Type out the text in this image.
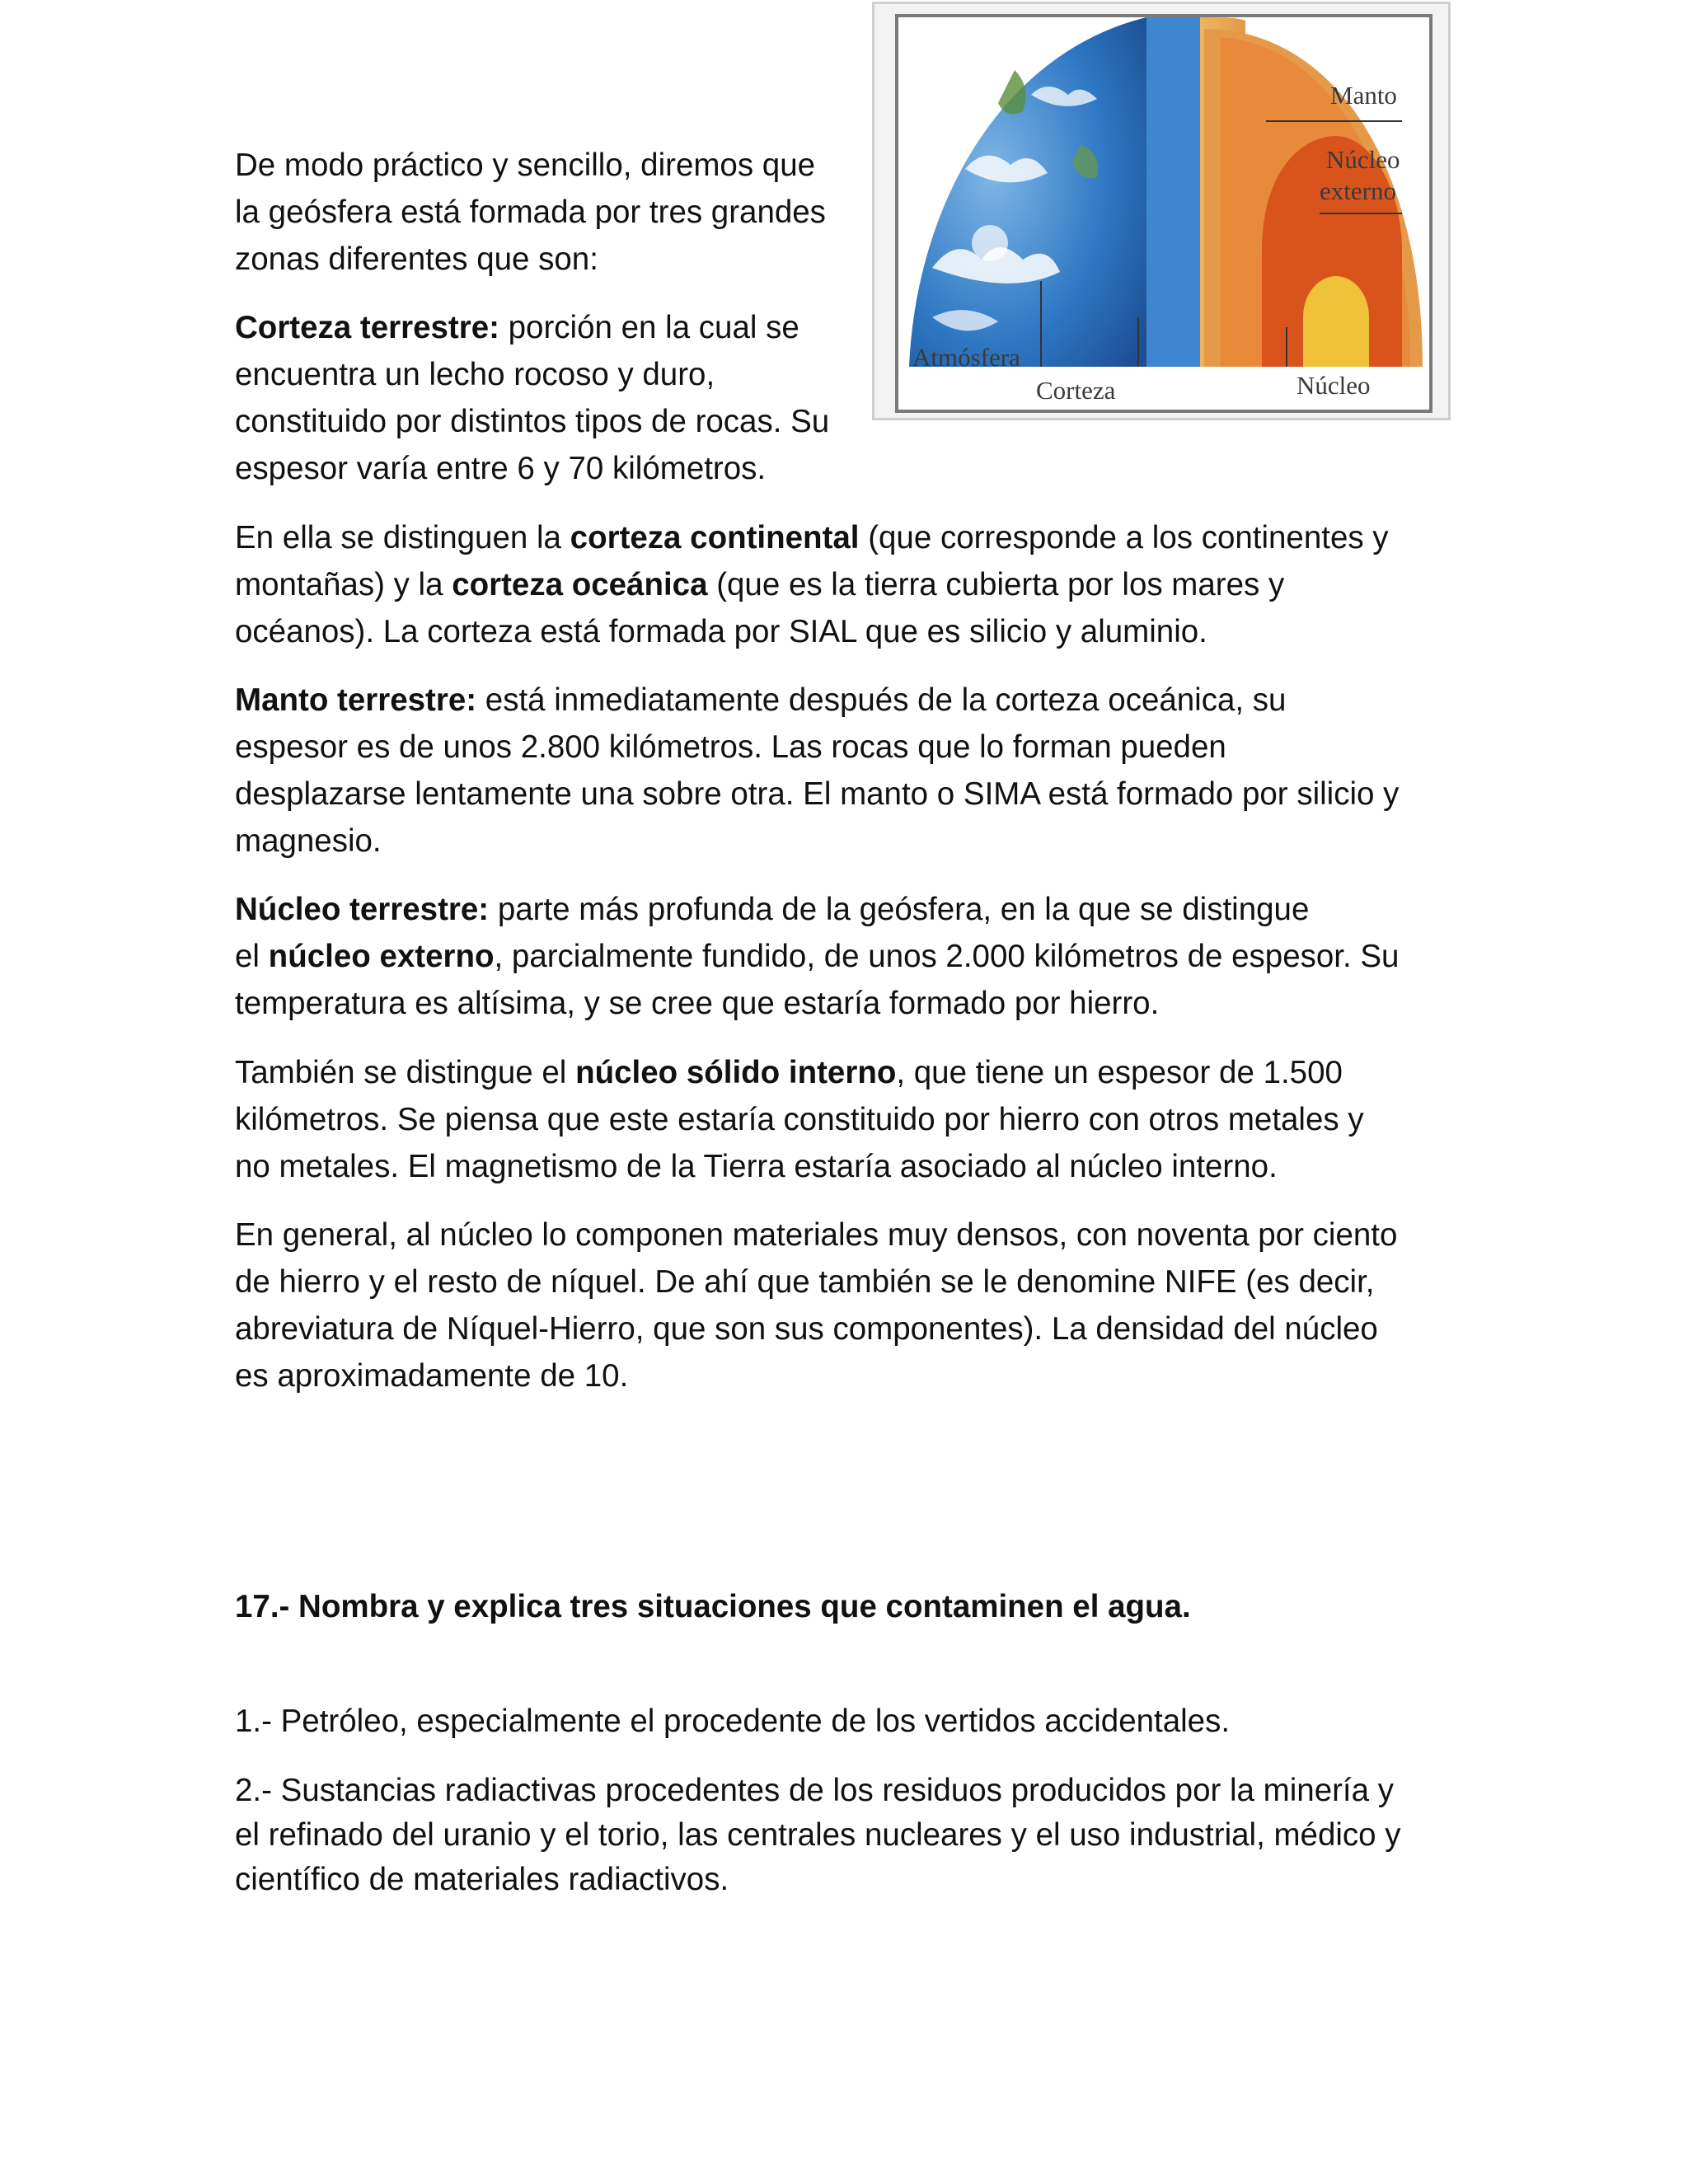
Manto
Núcleo
externo
Atmósfera
Corteza	Núcleo

De modo práctico y sencillo, diremos que
la geósfera está formada por tres grandes
zonas diferentes que son:

Corteza terrestre: porción en la cual se
encuentra un lecho rocoso y duro,
constituido por distintos tipos de rocas. Su
espesor varía entre 6 y 70 kilómetros.

En ella se distinguen la corteza continental (que corresponde a los continentes y
montañas) y la corteza oceánica (que es la tierra cubierta por los mares y
océanos). La corteza está formada por SIAL que es silicio y aluminio.

Manto terrestre: está inmediatamente después de la corteza oceánica, su
espesor es de unos 2.800 kilómetros. Las rocas que lo forman pueden
desplazarse lentamente una sobre otra. El manto o SIMA está formado por silicio y
magnesio.

Núcleo terrestre: parte más profunda de la geósfera, en la que se distingue
el núcleo externo, parcialmente fundido, de unos 2.000 kilómetros de espesor. Su
temperatura es altísima, y se cree que estaría formado por hierro.

También se distingue el núcleo sólido interno, que tiene un espesor de 1.500
kilómetros. Se piensa que este estaría constituido por hierro con otros metales y
no metales. El magnetismo de la Tierra estaría asociado al núcleo interno.

En general, al núcleo lo componen materiales muy densos, con noventa por ciento
de hierro y el resto de níquel. De ahí que también se le denomine NIFE (es decir,
abreviatura de Níquel-Hierro, que son sus componentes). La densidad del núcleo
es aproximadamente de 10.

17.- Nombra y explica tres situaciones que contaminen el agua.

1.- Petróleo, especialmente el procedente de los vertidos accidentales.

2.- Sustancias radiactivas procedentes de los residuos producidos por la minería y
el refinado del uranio y el torio, las centrales nucleares y el uso industrial, médico y
científico de materiales radiactivos.
